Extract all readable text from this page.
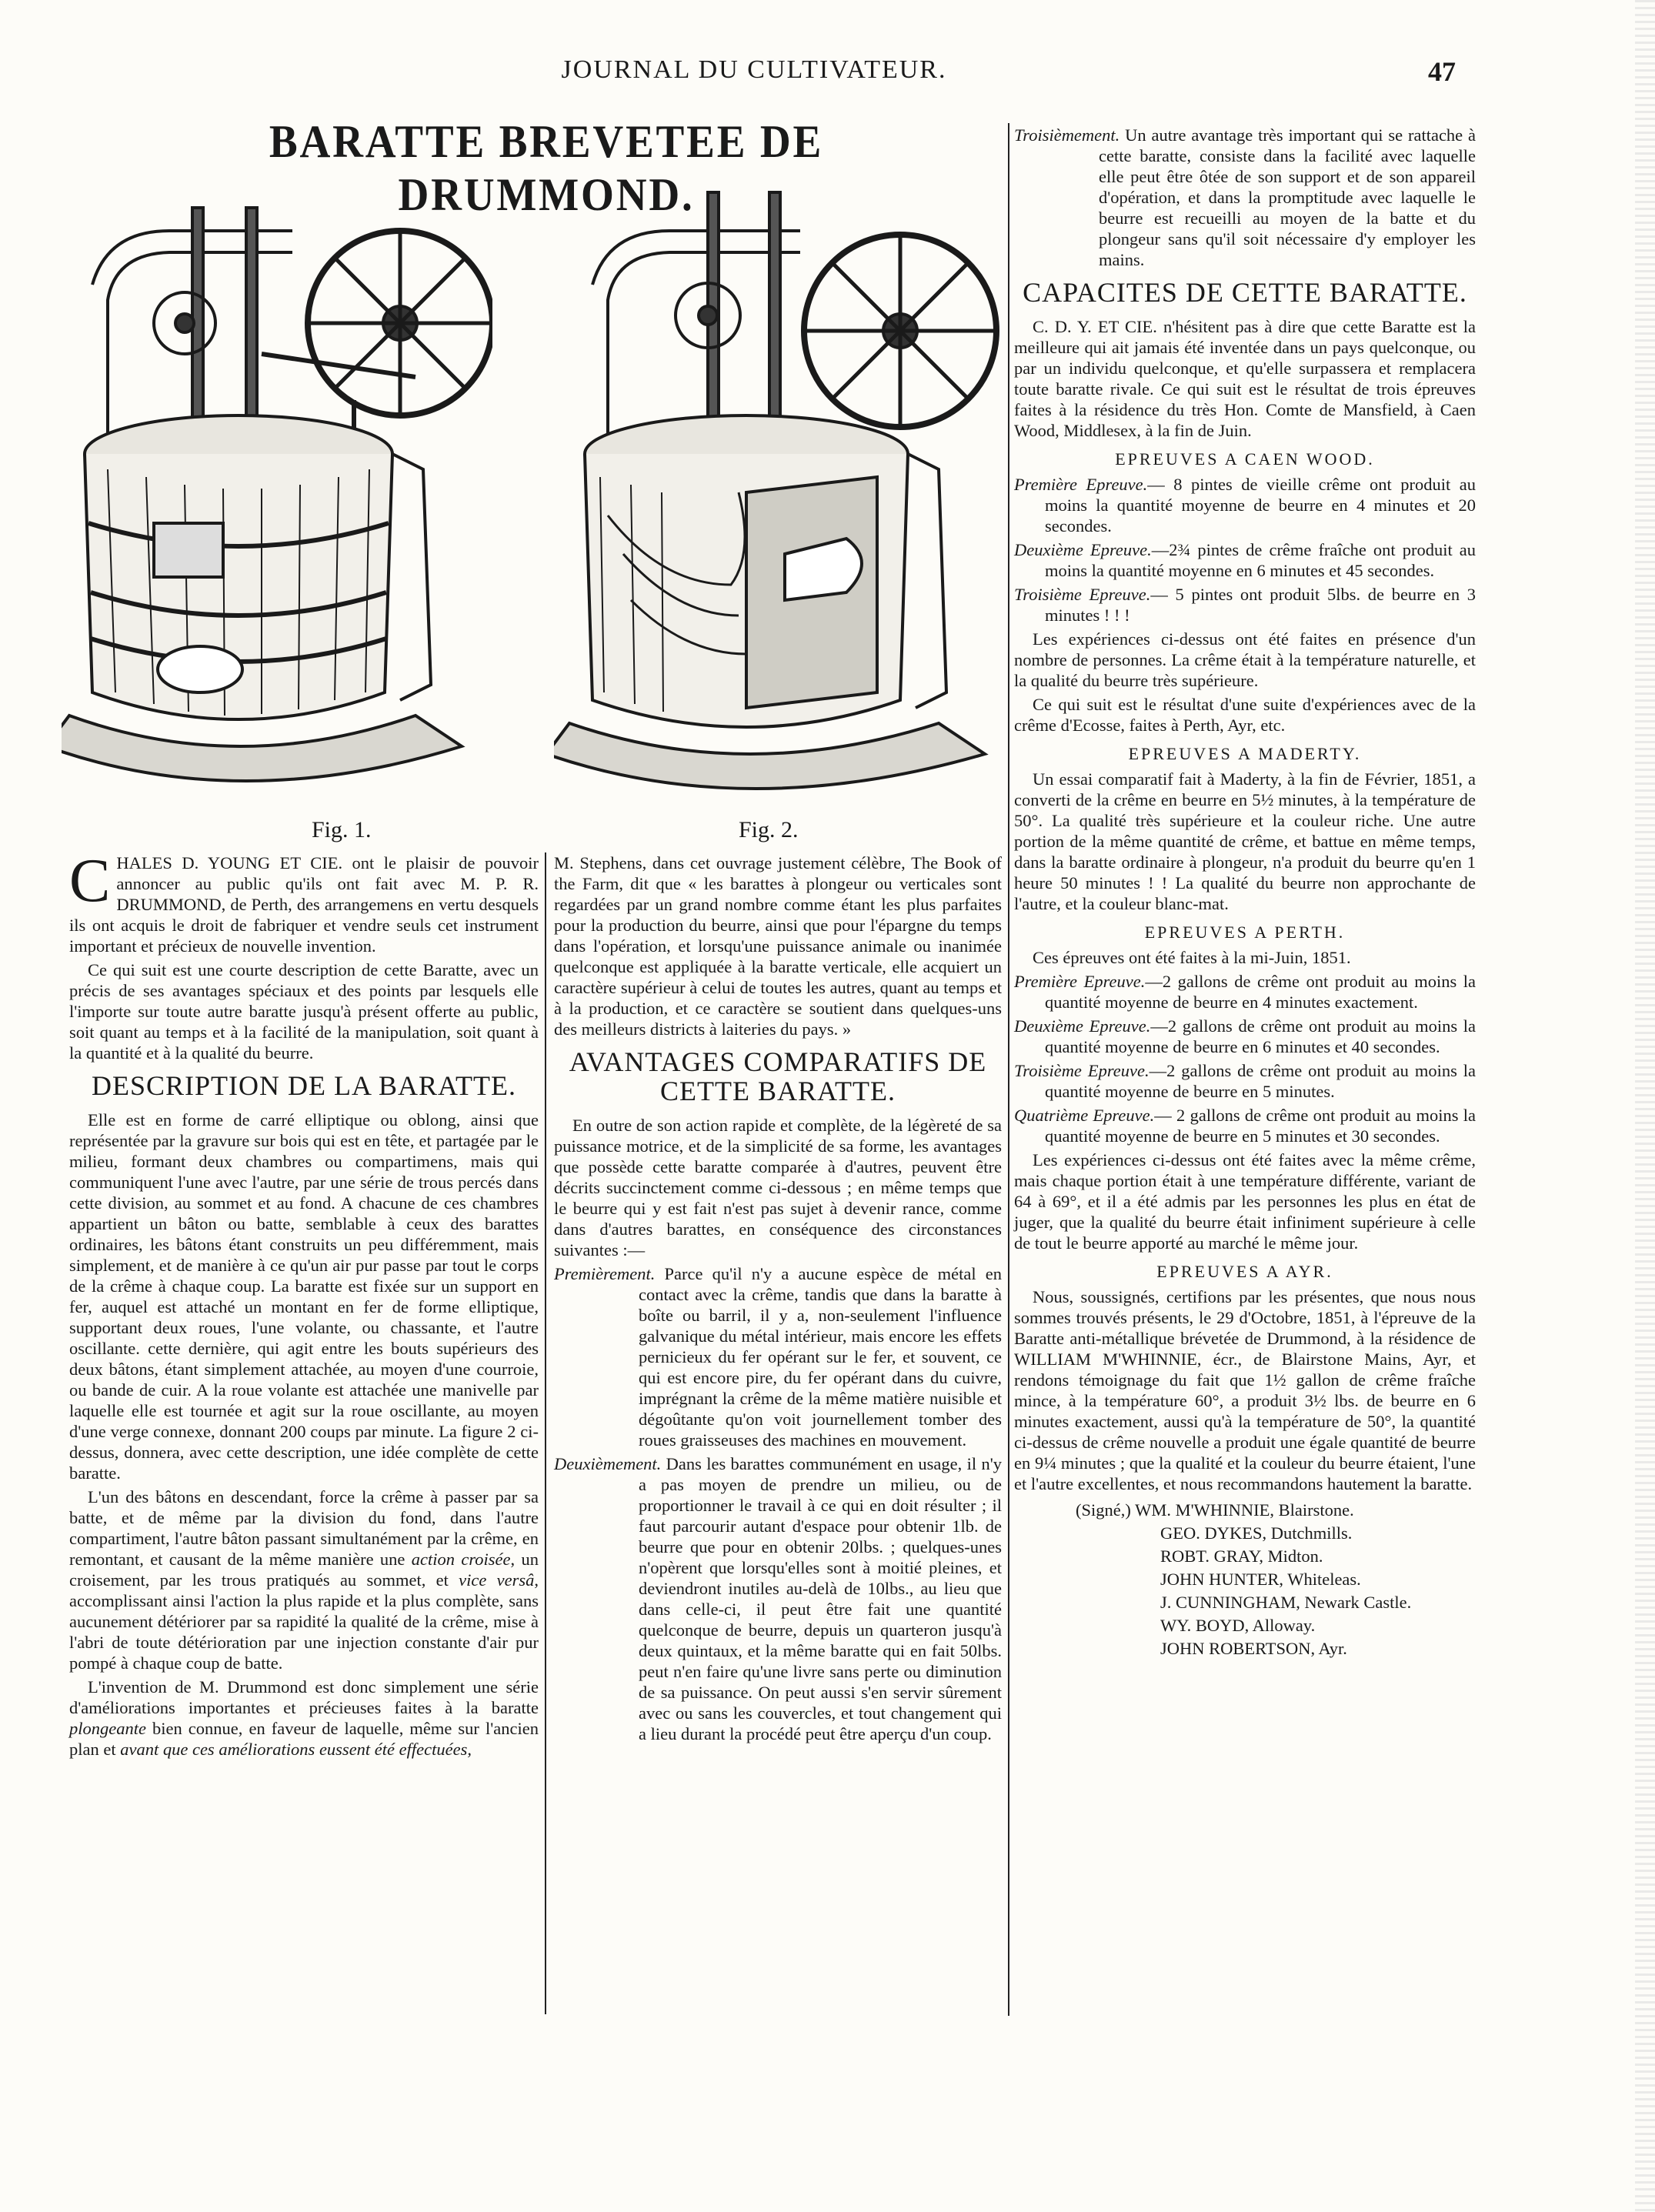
JOURNAL DU CULTIVATEUR.	47
BARATTE BREVETEE DE DRUMMOND.
Fig. 1.	Fig. 2.

CHALES D. YOUNG ET CIE. ont le plaisir de pouvoir annoncer au public qu'ils ont fait avec M. P. R. DRUMMOND, de Perth, des arrangemens en vertu desquels ils ont acquis le droit de fabriquer et vendre seuls cet instrument important et précieux de nouvelle invention.

Ce qui suit est une courte description de cette Baratte, avec un précis de ses avantages spéciaux et des points par lesquels elle l'importe sur toute autre baratte jusqu'à présent offerte au public, soit quant au temps et à la facilité de la manipulation, soit quant à la quantité et à la qualité du beurre.

DESCRIPTION DE LA BARATTE.

Elle est en forme de carré elliptique ou oblong, ainsi que représentée par la gravure sur bois qui est en tête, et partagée par le milieu, formant deux chambres ou compartimens, mais qui communiquent l'une avec l'autre, par une série de trous percés dans cette division, au sommet et au fond. A chacune de ces chambres appartient un bâton ou batte, semblable à ceux des barattes ordinaires, les bâtons étant construits un peu différemment, mais simplement, et de manière à ce qu'un air pur passe par tout le corps de la crême à chaque coup. La baratte est fixée sur un support en fer, auquel est attaché un montant en fer de forme elliptique, supportant deux roues, l'une volante, ou chassante, et l'autre oscillante. cette dernière, qui agit entre les bouts supérieurs des deux bâtons, étant simplement attachée, au moyen d'une courroie, ou bande de cuir. A la roue volante est attachée une manivelle par laquelle elle est tournée et agit sur la roue oscillante, au moyen d'une verge connexe, donnant 200 coups par minute. La figure 2 ci-dessus, donnera, avec cette description, une idée complète de cette baratte.

L'un des bâtons en descendant, force la crême à passer par sa batte, et de même par la division du fond, dans l'autre compartiment, l'autre bâton passant simultanément par la crême, en remontant, et causant de la même manière une action croisée, un croisement, par les trous pratiqués au sommet, et vice versâ, accomplissant ainsi l'action la plus rapide et la plus complète, sans aucunement détériorer par sa rapidité la qualité de la crême, mise à l'abri de toute détérioration par une injection constante d'air pur pompé à chaque coup de batte.

L'invention de M. Drummond est donc simplement une série d'améliorations importantes et précieuses faites à la baratte plongeante bien connue, en faveur de laquelle, même sur l'ancien plan et avant que ces améliorations eussent été effectuées,

M. Stephens, dans cet ouvrage justement célèbre, The Book of the Farm, dit que « les barattes à plongeur ou verticales sont regardées par un grand nombre comme étant les plus parfaites pour la production du beurre, ainsi que pour l'épargne du temps dans l'opération, et lorsqu'une puissance animale ou inanimée quelconque est appliquée à la baratte verticale, elle acquiert un caractère supérieur à celui de toutes les autres, quant au temps et à la production, et ce caractère se soutient dans quelques-uns des meilleurs districts à laiteries du pays. »

AVANTAGES COMPARATIFS DE CETTE BARATTE.

En outre de son action rapide et complète, de la légèreté de sa puissance motrice, et de la simplicité de sa forme, les avantages que possède cette baratte comparée à d'autres, peuvent être décrits succinctement comme ci-dessous ; en même temps que le beurre qui y est fait n'est pas sujet à devenir rance, comme dans d'autres barattes, en conséquence des circonstances suivantes :—

Premièrement. Parce qu'il n'y a aucune espèce de métal en contact avec la crême, tandis que dans la baratte à boîte ou barril, il y a, non-seulement l'influence galvanique du métal intérieur, mais encore les effets pernicieux du fer opérant sur le fer, et souvent, ce qui est encore pire, du fer opérant dans du cuivre, imprégnant la crême de la même matière nuisible et dégoûtante qu'on voit journellement tomber des roues graisseuses des machines en mouvement.

Deuxièmement. Dans les barattes communément en usage, il n'y a pas moyen de prendre un milieu, ou de proportionner le travail à ce qui en doit résulter ; il faut parcourir autant d'espace pour obtenir 1lb. de beurre que pour en obtenir 20lbs. ; quelques-unes n'opèrent que lorsqu'elles sont à moitié pleines, et deviendront inutiles au-delà de 10lbs., au lieu que dans celle-ci, il peut être fait une quantité quelconque de beurre, depuis un quarteron jusqu'à deux quintaux, et la même baratte qui en fait 50lbs. peut n'en faire qu'une livre sans perte ou diminution de sa puissance. On peut aussi s'en servir sûrement avec ou sans les couvercles, et tout changement qui a lieu durant la procédé peut être aperçu d'un coup.

Troisièmement. Un autre avantage très important qui se rattache à cette baratte, consiste dans la facilité avec laquelle elle peut être ôtée de son support et de son appareil d'opération, et dans la promptitude avec laquelle le beurre est recueilli au moyen de la batte et du plongeur sans qu'il soit nécessaire d'y employer les mains.

CAPACITES DE CETTE BARATTE.

C. D. Y. ET CIE. n'hésitent pas à dire que cette Baratte est la meilleure qui ait jamais été inventée dans un pays quelconque, ou par un individu quelconque, et qu'elle surpassera et remplacera toute baratte rivale. Ce qui suit est le résultat de trois épreuves faites à la résidence du très Hon. Comte de Mansfield, à Caen Wood, Middlesex, à la fin de Juin.

EPREUVES A CAEN WOOD.

Première Epreuve.— 8 pintes de vieille crême ont produit au moins la quantité moyenne de beurre en 4 minutes et 20 secondes.

Deuxième Epreuve.—2¾ pintes de crême fraîche ont produit au moins la quantité moyenne en 6 minutes et 45 secondes.

Troisième Epreuve.— 5 pintes ont produit 5lbs. de beurre en 3 minutes ! ! !

Les expériences ci-dessus ont été faites en présence d'un nombre de personnes. La crême était à la température naturelle, et la qualité du beurre très supérieure.

Ce qui suit est le résultat d'une suite d'expériences avec de la crême d'Ecosse, faites à Perth, Ayr, etc.

EPREUVES A MADERTY.

Un essai comparatif fait à Maderty, à la fin de Février, 1851, a converti de la crême en beurre en 5½ minutes, à la température de 50°. La qualité très supérieure et la couleur riche. Une autre portion de la même quantité de crême, et battue en même temps, dans la baratte ordinaire à plongeur, n'a produit du beurre qu'en 1 heure 50 minutes ! ! La qualité du beurre non approchante de l'autre, et la couleur blanc-mat.

EPREUVES A PERTH.

Ces épreuves ont été faites à la mi-Juin, 1851.

Première Epreuve.—2 gallons de crême ont produit au moins la quantité moyenne de beurre en 4 minutes exactement.

Deuxième Epreuve.—2 gallons de crême ont produit au moins la quantité moyenne de beurre en 6 minutes et 40 secondes.

Troisième Epreuve.—2 gallons de crême ont produit au moins la quantité moyenne de beurre en 5 minutes.

Quatrième Epreuve.— 2 gallons de crême ont produit au moins la quantité moyenne de beurre en 5 minutes et 30 secondes.

Les expériences ci-dessus ont été faites avec la même crême, mais chaque portion était à une température différente, variant de 64 à 69°, et il a été admis par les personnes les plus en état de juger, que la qualité du beurre était infiniment supérieure à celle de tout le beurre apporté au marché le même jour.

EPREUVES A AYR.

Nous, soussignés, certifions par les présentes, que nous nous sommes trouvés présents, le 29 d'Octobre, 1851, à l'épreuve de la Baratte anti-métallique brévetée de Drummond, à la résidence de WILLIAM M'WHINNIE, écr., de Blairstone Mains, Ayr, et rendons témoignage du fait que 1½ gallon de crême fraîche mince, à la température 60°, a produit 3½ lbs. de beurre en 6 minutes exactement, aussi qu'à la température de 50°, la quantité ci-dessus de crême nouvelle a produit une égale quantité de beurre en 9¼ minutes ; que la qualité et la couleur du beurre étaient, l'une et l'autre excellentes, et nous recommandons hautement la baratte.

(Signé,) WM. M'WHINNIE, Blairstone.
GEO. DYKES, Dutchmills.
ROBT. GRAY, Midton.
JOHN HUNTER, Whiteleas.
J. CUNNINGHAM, Newark Castle.
WY. BOYD, Alloway.
JOHN ROBERTSON, Ayr.
